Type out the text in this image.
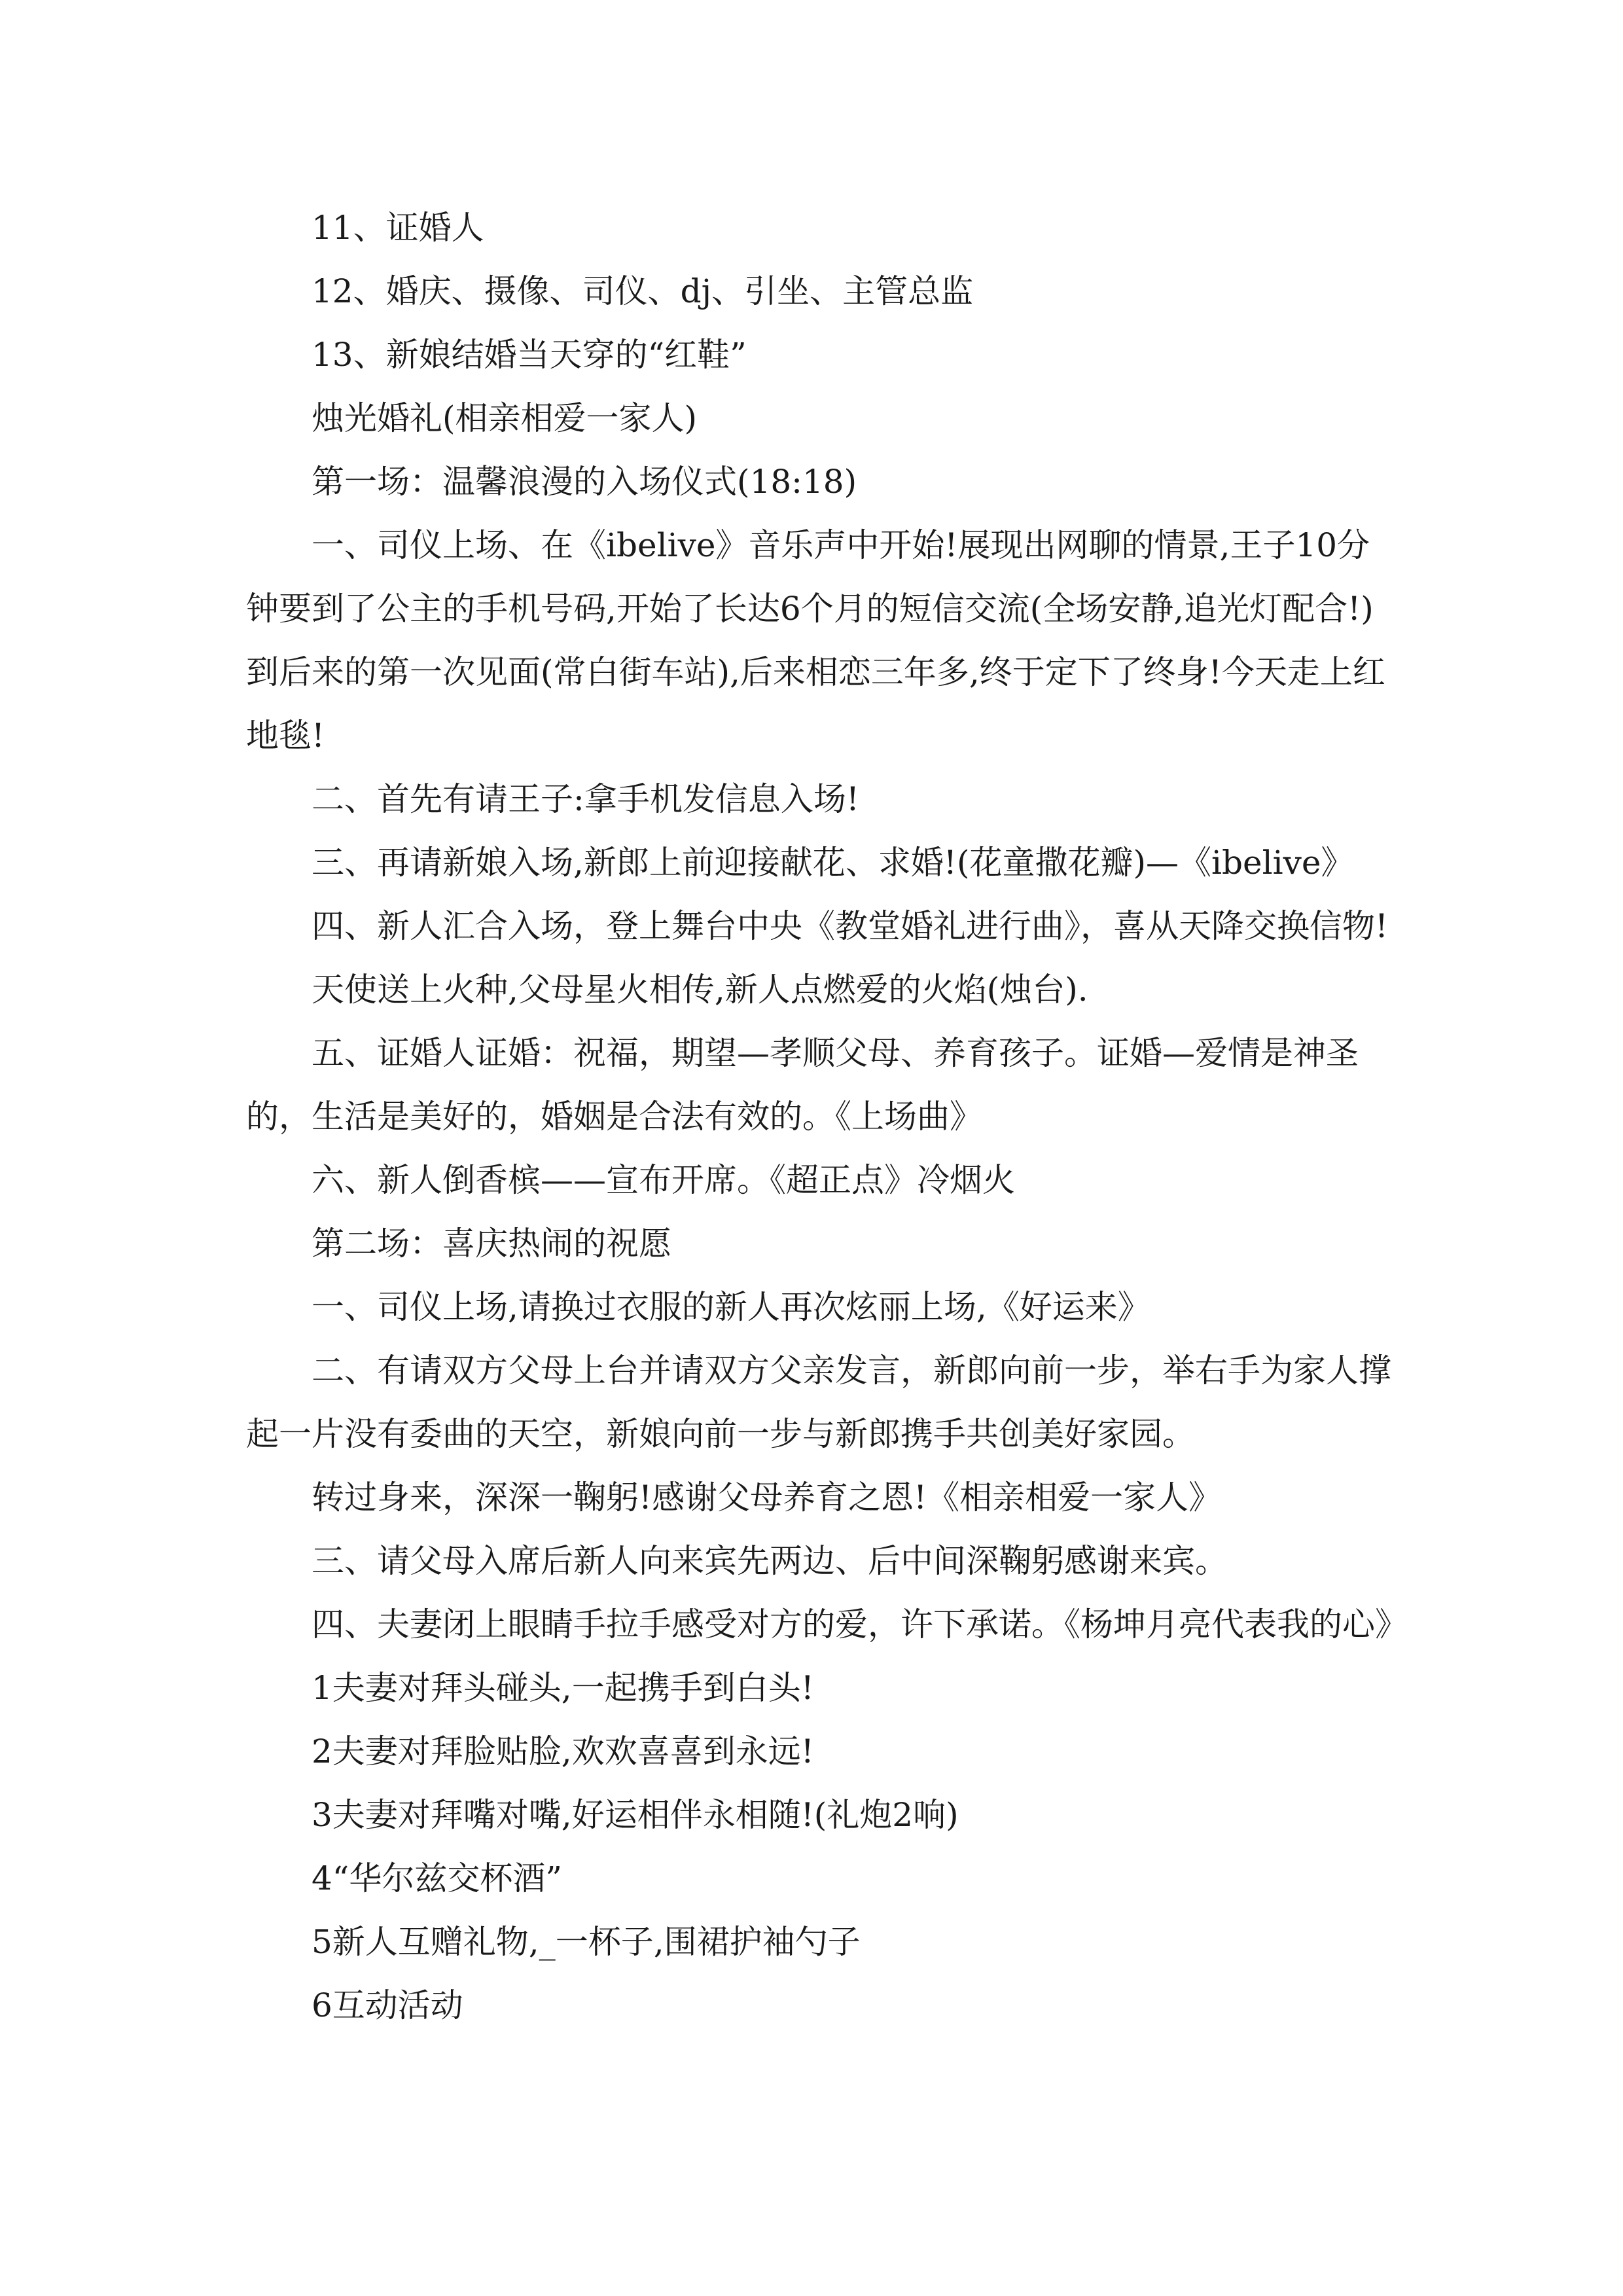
11、证婚人

12、婚庆、摄像、司仪、dj、引坐、主管总监

13、新娘结婚当天穿的“红鞋”

烛光婚礼(相亲相爱一家人)

第一场：温馨浪漫的入场仪式(18:18)

一、司仪上场、在《ibelive》音乐声中开始!展现出网聊的情景,王子10分钟要到了公主的手机号码,开始了长达6个月的短信交流(全场安静,追光灯配合!)到后来的第一次见面(常白街车站),后来相恋三年多,终于定下了终身!今天走上红地毯!

二、首先有请王子:拿手机发信息入场!

三、再请新娘入场,新郎上前迎接献花、求婚!(花童撒花瓣)—《ibelive》

四、新人汇合入场，登上舞台中央《教堂婚礼进行曲》，喜从天降交换信物!

天使送上火种,父母星火相传,新人点燃爱的火焰(烛台).

五、证婚人证婚：祝福，期望—孝顺父母、养育孩子。证婚—爱情是神圣的，生活是美好的，婚姻是合法有效的。《上场曲》

六、新人倒香槟——宣布开席。《超正点》冷烟火

第二场：喜庆热闹的祝愿

一、司仪上场,请换过衣服的新人再次炫丽上场,《好运来》

二、有请双方父母上台并请双方父亲发言，新郎向前一步，举右手为家人撑起一片没有委曲的天空，新娘向前一步与新郎携手共创美好家园。

转过身来，深深一鞠躬!感谢父母养育之恩!《相亲相爱一家人》

三、请父母入席后新人向来宾先两边、后中间深鞠躬感谢来宾。

四、夫妻闭上眼睛手拉手感受对方的爱，许下承诺。《杨坤月亮代表我的心》

1夫妻对拜头碰头,一起携手到白头!

2夫妻对拜脸贴脸,欢欢喜喜到永远!

3夫妻对拜嘴对嘴,好运相伴永相随!(礼炮2响)

4“华尔兹交杯酒”

5新人互赠礼物,_一杯子,围裙护袖勺子

6互动活动
